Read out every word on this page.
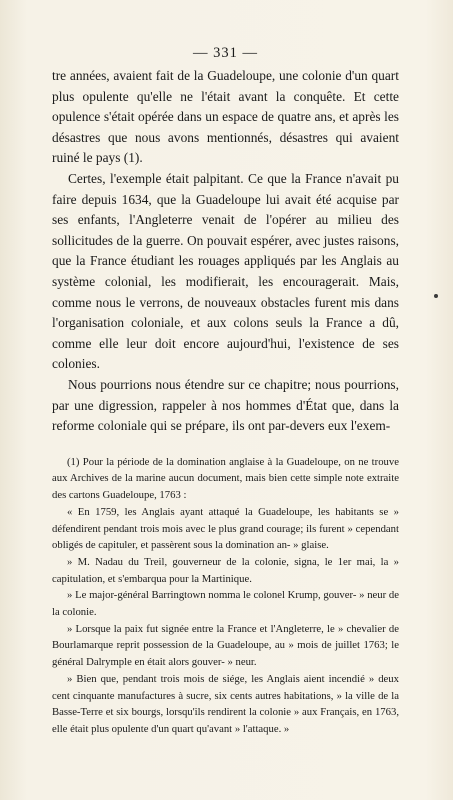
— 331 —

tre années, avaient fait de la Guadeloupe, une colonie d'un quart plus opulente qu'elle ne l'était avant la conquête. Et cette opulence s'était opérée dans un espace de quatre ans, et après les désastres que nous avons mentionnés, désastres qui avaient ruiné le pays (1).

Certes, l'exemple était palpitant. Ce que la France n'avait pu faire depuis 1634, que la Guadeloupe lui avait été acquise par ses enfants, l'Angleterre venait de l'opérer au milieu des sollicitudes de la guerre. On pouvait espérer, avec justes raisons, que la France étudiant les rouages appliqués par les Anglais au système colonial, les modifierait, les encouragerait. Mais, comme nous le verrons, de nouveaux obstacles furent mis dans l'organisation coloniale, et aux colons seuls la France a dû, comme elle leur doit encore aujourd'hui, l'existence de ses colonies.

Nous pourrions nous étendre sur ce chapitre; nous pourrions, par une digression, rappeler à nos hommes d'État que, dans la reforme coloniale qui se prépare, ils ont par-devers eux l'exem-

(1) Pour la période de la domination anglaise à la Guadeloupe, on ne trouve aux Archives de la marine aucun document, mais bien cette simple note extraite des cartons Guadeloupe, 1763 :

« En 1759, les Anglais ayant attaqué la Guadeloupe, les habitants se » défendirent pendant trois mois avec le plus grand courage; ils furent » cependant obligés de capituler, et passèrent sous la domination an- » glaise.

» M. Nadau du Treil, gouverneur de la colonie, signa, le 1er mai, la » capitulation, et s'embarqua pour la Martinique.

» Le major-général Barringtown nomma le colonel Krump, gouver- » neur de la colonie.

» Lorsque la paix fut signée entre la France et l'Angleterre, le » chevalier de Bourlamarque reprit possession de la Guadeloupe, au » mois de juillet 1763; le général Dalrymple en était alors gouver- » neur.

» Bien que, pendant trois mois de siége, les Anglais aient incendié » deux cent cinquante manufactures à sucre, six cents autres habitations, » la ville de la Basse-Terre et six bourgs, lorsqu'ils rendirent la colonie » aux Français, en 1763, elle était plus opulente d'un quart qu'avant » l'attaque. »
